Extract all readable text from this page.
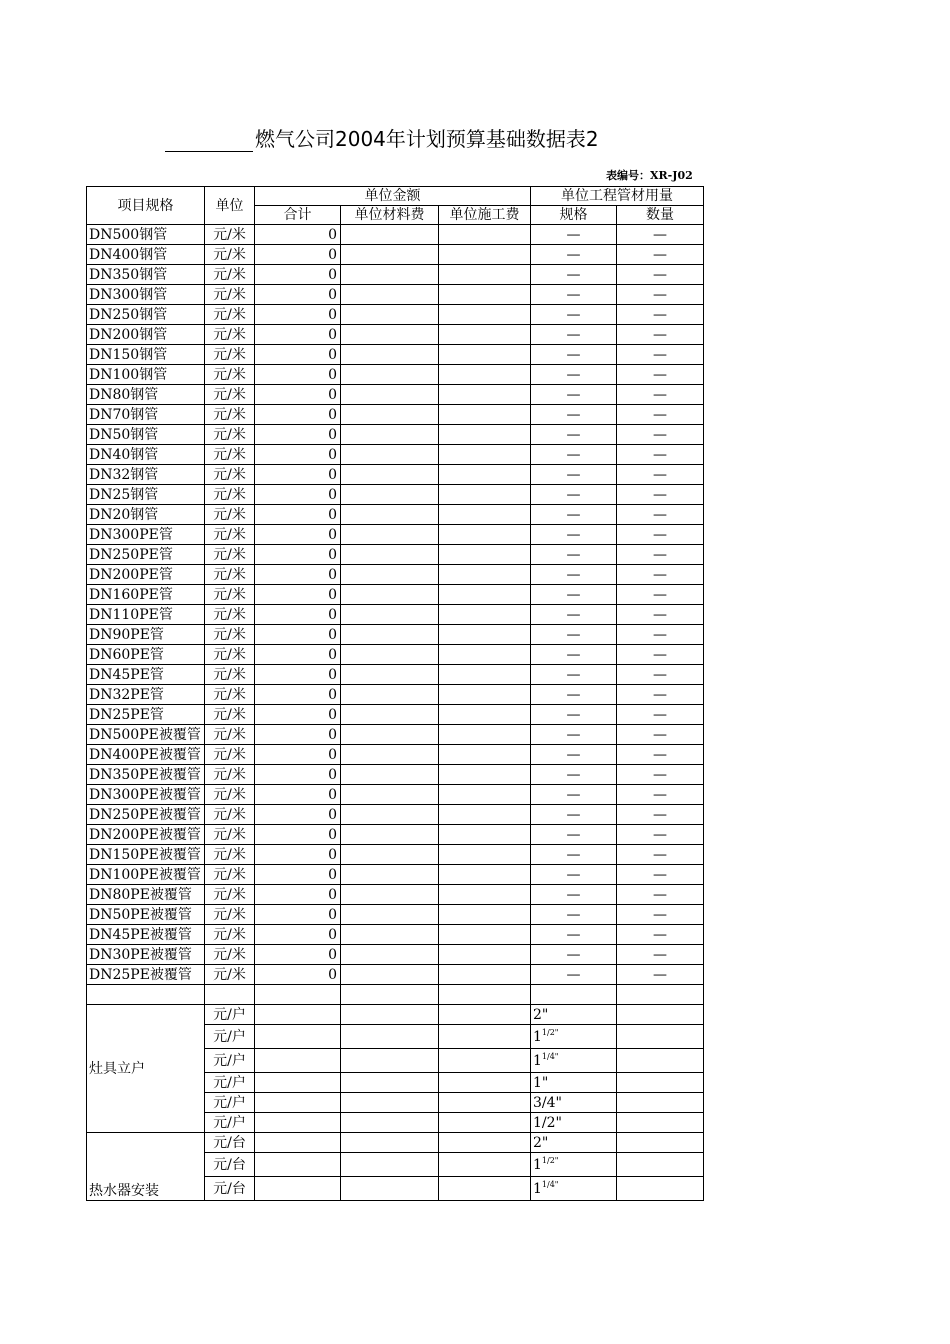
燃气公司2004年计划预算基础数据表2
表编号：XR-J02
项目规格	单位	单位金额			单位工程管材用量	
		合计	单位材料费	单位施工费	规格	数量
DN500钢管	元/米	0			—	—
DN400钢管	元/米	0			—	—
DN350钢管	元/米	0			—	—
DN300钢管	元/米	0			—	—
DN250钢管	元/米	0			—	—
DN200钢管	元/米	0			—	—
DN150钢管	元/米	0			—	—
DN100钢管	元/米	0			—	—
DN80钢管	元/米	0			—	—
DN70钢管	元/米	0			—	—
DN50钢管	元/米	0			—	—
DN40钢管	元/米	0			—	—
DN32钢管	元/米	0			—	—
DN25钢管	元/米	0			—	—
DN20钢管	元/米	0			—	—
DN300PE管	元/米	0			—	—
DN250PE管	元/米	0			—	—
DN200PE管	元/米	0			—	—
DN160PE管	元/米	0			—	—
DN110PE管	元/米	0			—	—
DN90PE管	元/米	0			—	—
DN60PE管	元/米	0			—	—
DN45PE管	元/米	0			—	—
DN32PE管	元/米	0			—	—
DN25PE管	元/米	0			—	—
DN500PE被覆管	元/米	0			—	—
DN400PE被覆管	元/米	0			—	—
DN350PE被覆管	元/米	0			—	—
DN300PE被覆管	元/米	0			—	—
DN250PE被覆管	元/米	0			—	—
DN200PE被覆管	元/米	0			—	—
DN150PE被覆管	元/米	0			—	—
DN100PE被覆管	元/米	0			—	—
DN80PE被覆管	元/米	0			—	—
DN50PE被覆管	元/米	0			—	—
DN45PE被覆管	元/米	0			—	—
DN30PE被覆管	元/米	0			—	—
DN25PE被覆管	元/米	0			—	—

灶具立户	元/户				2"	
	元/户				$1^{1/2"}$	
	元/户				$1^{1/4"}$	
	元/户				1"	
	元/户				3/4"	
	元/户				1/2"	
热水器安装	元/台				2"	
	元/台				$1^{1/2"}$	
	元/台				$1^{1/4"}$	
